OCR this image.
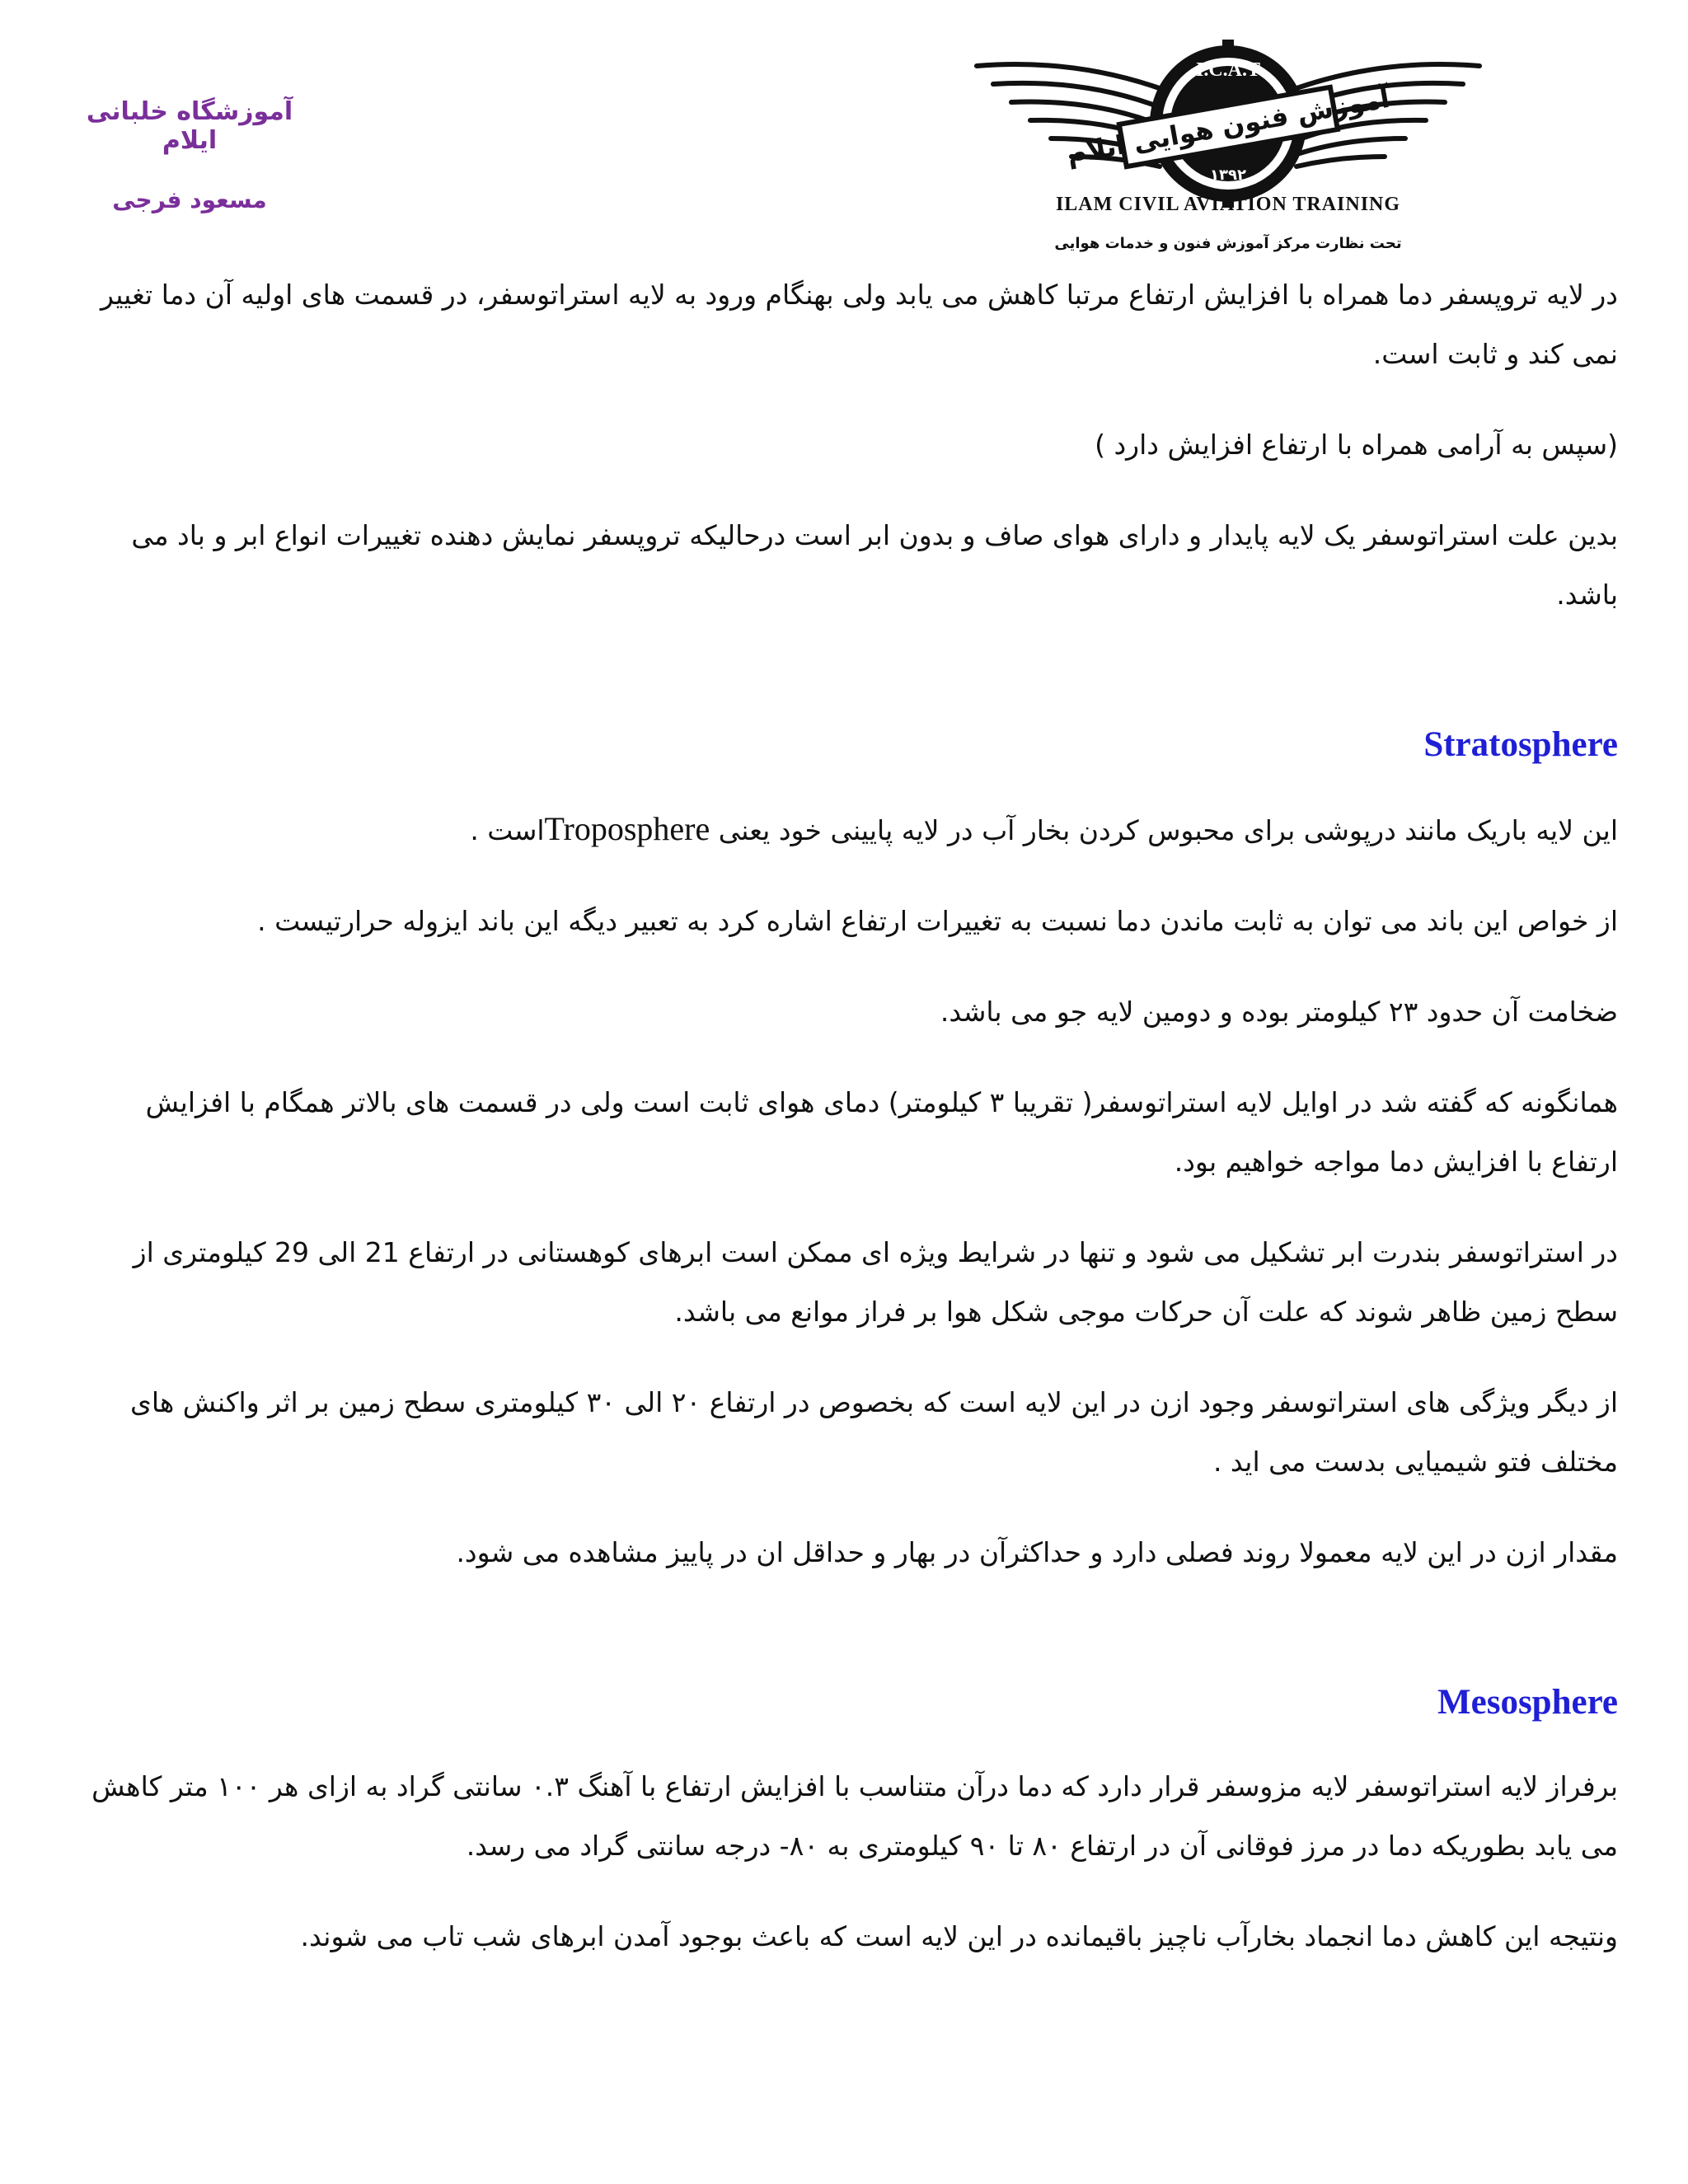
آموزشگاه خلبانی ایلام
مسعود فرجی
I.C.A.T
آموزش فنون هوایی ایلام
۱۳۹۲
ILAM CIVIL AVIATION TRAINING
تحت نظارت مرکز آموزش فنون و خدمات هوایی

در لایه تروپسفر دما همراه با افزایش ارتفاع مرتبا کاهش می یابد ولی بهنگام ورود به لایه استراتوسفر، در قسمت های اولیه آن دما تغییر نمی کند و ثابت است.

(سپس به آرامی همراه با ارتفاع افزایش دارد )

بدین علت استراتوسفر یک لایه پایدار و دارای هوای صاف و بدون ابر است درحالیکه تروپسفر نمایش دهنده تغییرات انواع ابر و باد می باشد.

Stratosphere

این لایه باریک مانند درپوشی برای محبوس کردن بخار آب در لایه پایینی خود یعنی Troposphereاست .

از خواص این باند می توان به ثابت ماندن دما نسبت به تغییرات ارتفاع اشاره کرد به تعبیر دیگه این باند ایزوله حرارتیست .

ضخامت آن حدود ۲۳ کیلومتر بوده و دومین لایه جو می باشد.

همانگونه که گفته شد در اوایل لایه استراتوسفر( تقریبا ۳ کیلومتر) دمای هوای ثابت است ولی در قسمت های بالاتر همگام با افزایش ارتفاع با افزایش دما مواجه خواهیم بود.

در استراتوسفر بندرت ابر تشکیل می شود و تنها در شرایط ویژه ای ممکن است ابرهای کوهستانی در ارتفاع 21 الی 29 کیلومتری از سطح زمین ظاهر شوند که علت آن حرکات موجی شکل هوا بر فراز موانع می باشد.

از دیگر ویژگی های استراتوسفر وجود ازن در این لایه است که بخصوص در ارتفاع ۲۰ الی ۳۰ کیلومتری سطح زمین بر اثر واکنش های مختلف فتو شیمیایی بدست می اید .

مقدار ازن در این لایه معمولا روند فصلی دارد و حداکثرآن در بهار و حداقل ان در پاییز مشاهده می شود.

Mesosphere

برفراز لایه استراتوسفر لایه مزوسفر قرار دارد که دما درآن متناسب با افزایش ارتفاع با آهنگ ۰.۳ سانتی گراد به ازای هر ۱۰۰ متر کاهش می یابد بطوریکه دما در مرز فوقانی آن در ارتفاع ۸۰ تا ۹۰ کیلومتری به ۸۰- درجه سانتی گراد می رسد.

ونتیجه این کاهش دما انجماد بخارآب ناچیز باقیمانده در این لایه است که باعث بوجود آمدن ابرهای شب تاب می شوند.
